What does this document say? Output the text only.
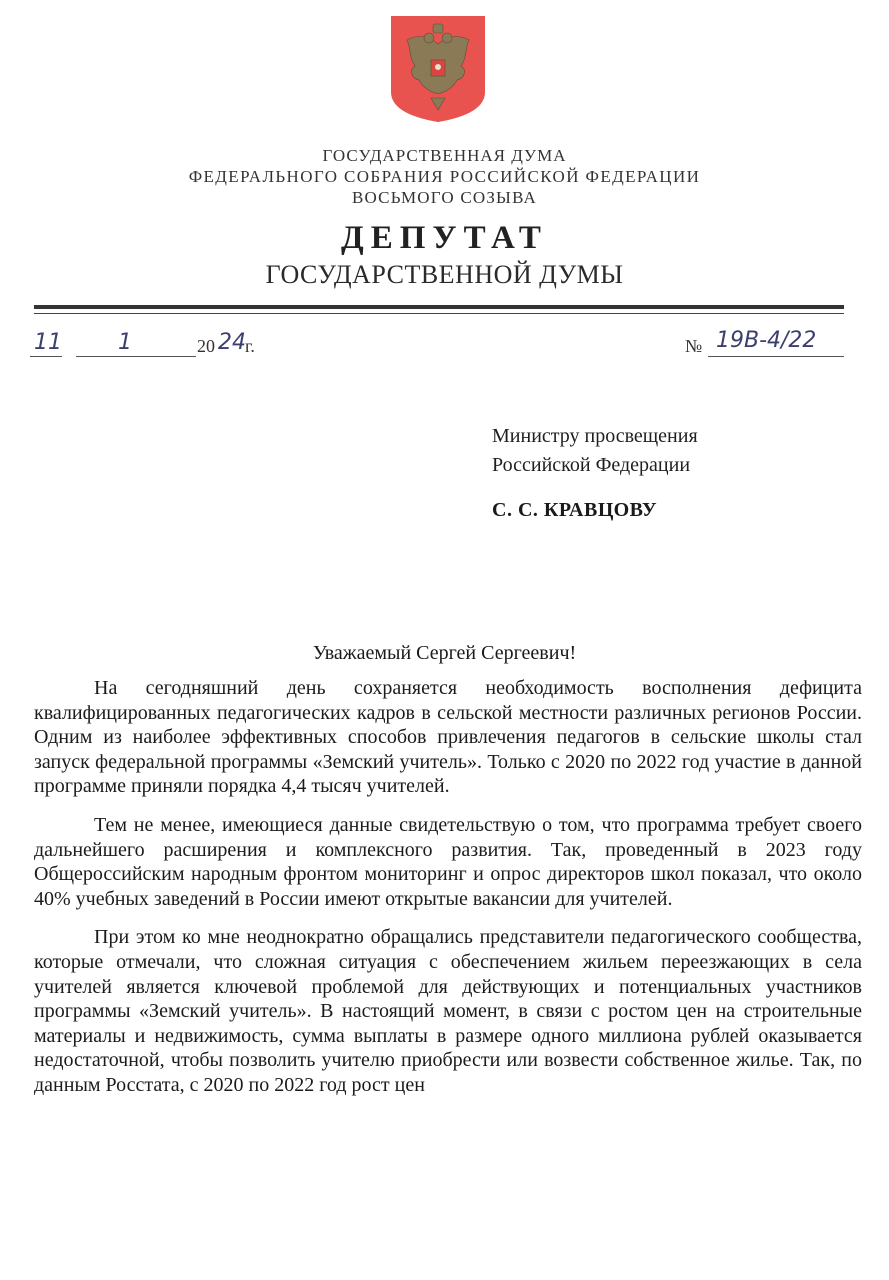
ГОСУДАРСТВЕННАЯ ДУМА
ФЕДЕРАЛЬНОГО СОБРАНИЯ РОССИЙСКОЙ ФЕДЕРАЦИИ
ВОСЬМОГО СОЗЫВА
ДЕПУТАТ
ГОСУДАРСТВЕННОЙ ДУМЫ
11	1	20 24 г.	№ 19В-4/22
Министру просвещения
Российской Федерации
С. С. КРАВЦОВУ
Уважаемый Сергей Сергеевич!

На сегодняшний день сохраняется необходимость восполнения дефицита квалифицированных педагогических кадров в сельской местности различных регионов России. Одним из наиболее эффективных способов привлечения педагогов в сельские школы стал запуск федеральной программы «Земский учитель». Только с 2020 по 2022 год участие в данной программе приняли порядка 4,4 тысяч учителей.

Тем не менее, имеющиеся данные свидетельствую о том, что программа требует своего дальнейшего расширения и комплексного развития. Так, проведенный в 2023 году Общероссийским народным фронтом мониторинг и опрос директоров школ показал, что около 40% учебных заведений в России имеют открытые вакансии для учителей.

При этом ко мне неоднократно обращались представители педагогического сообщества, которые отмечали, что сложная ситуация с обеспечением жильем переезжающих в села учителей является ключевой проблемой для действующих и потенциальных участников программы «Земский учитель». В настоящий момент, в связи с ростом цен на строительные материалы и недвижимость, сумма выплаты в размере одного миллиона рублей оказывается недостаточной, чтобы позволить учителю приобрести или возвести собственное жилье. Так, по данным Росстата, с 2020 по 2022 год рост цен
